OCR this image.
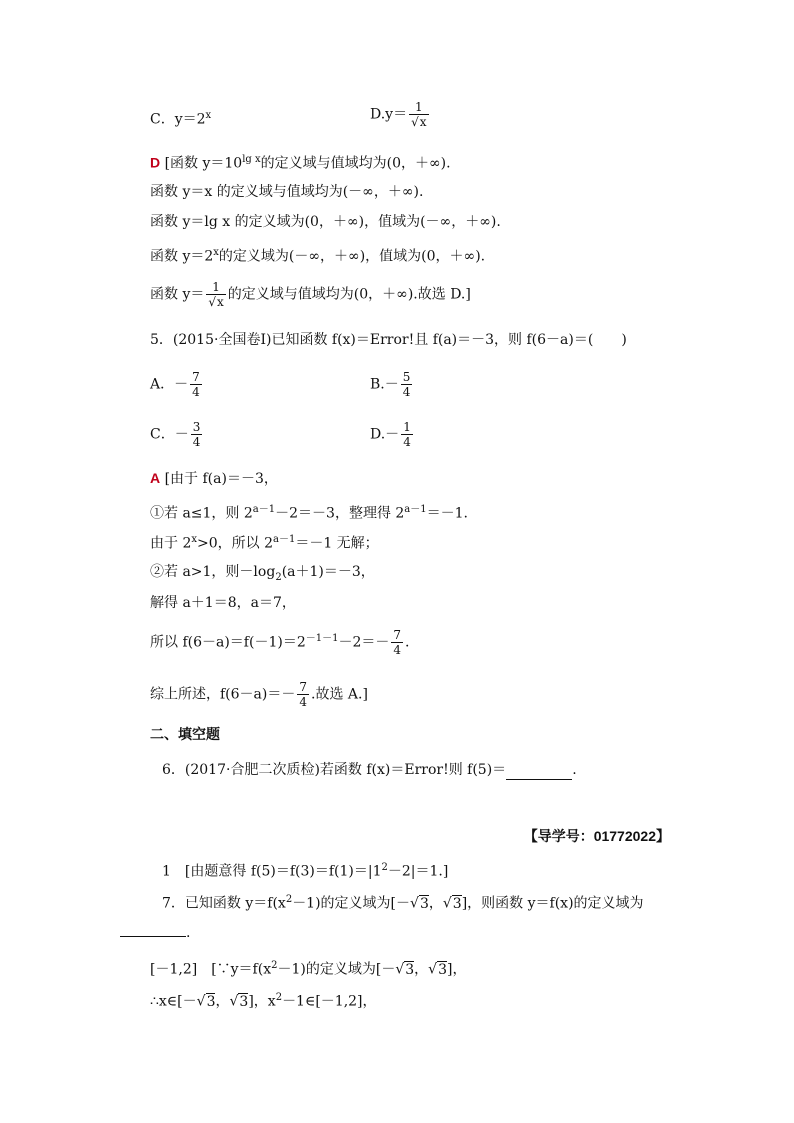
C．$y=2^x$	$D.y= \frac{1}{√x}$
D [函数 $y=10^{lg x}$的定义域与值域均为(0，＋∞).
函数 y＝x 的定义域与值域均为(－∞，＋∞).
函数 y＝lg x 的定义域为(0，＋∞)，值域为(－∞，＋∞).
函数 $y=2^x$的定义域为(－∞，＋∞)，值域为(0，＋∞).
函数 $y= \frac{1}{√x}$ 的定义域与值域均为(0，＋∞).故选 D.]
5．(2015·全国卷Ⅰ)已知函数 f(x)＝Error!且 f(a)＝－3，则 f(6－a)＝(　　)
A．－ $\frac{7}{4}$	$B.- \frac{5}{4}$
C．－ $\frac{3}{4}$	$D.- \frac{1}{4}$
A [由于 f(a)＝－3，
①若 a≤1，则 $2^{a-1}-2=-3$，整理得 $2^{a-1}=-1$.
由于 $2^x>0$，所以 $2^{a-1}=-1$ 无解；
②若 a>1，则$-\log_2(a+1)=-3$，
解得 a＋1＝8，a＝7，
所以 $f(6-a)=f(-1)=2^{-1-1}-2=- \frac{7}{4}$ .
综上所述，$f(6-a)=- \frac{7}{4}$ .故选 A.]
二、填空题
6．(2017·合肥二次质检)若函数 f(x)＝Error!则 f(5)＝	.
【导学号：01772022】
1　[由题意得 $f(5)=f(3)=f(1)=|1^2-2|=1$.]
7．已知函数 $y=f(x^2-1)$的定义域为[－√3，√3]，则函数 y＝f(x)的定义域为
.
[－1,2]　[$\because y=f(x^2-1)$的定义域为[－√3，√3]，
∴x∈[－√3，√3]，$x^2-1\in[-1,2]$，
